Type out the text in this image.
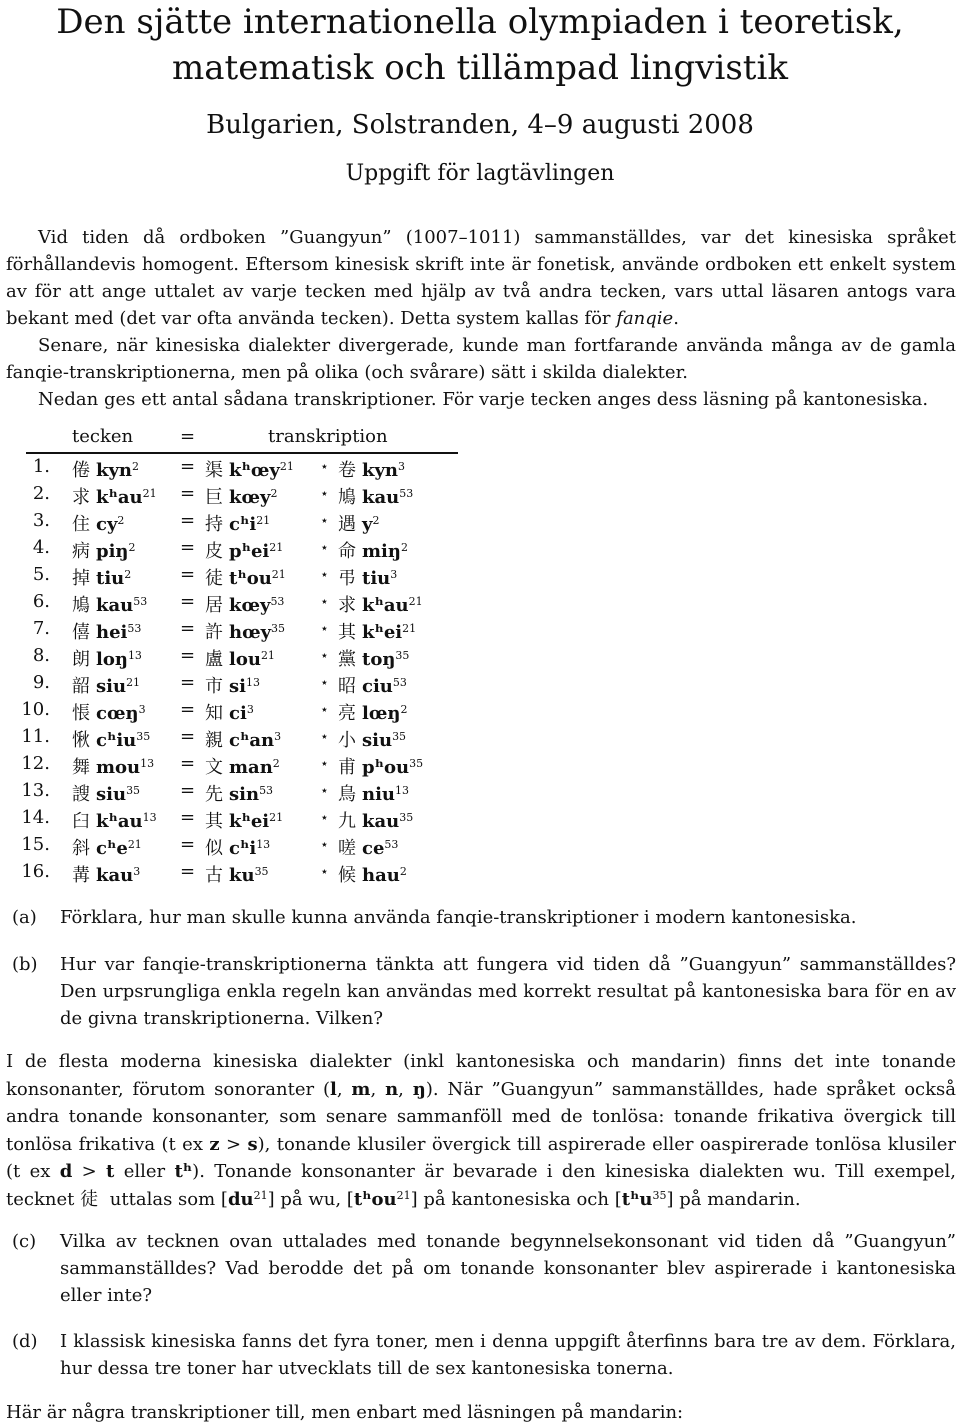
Den sjätte internationella olympiaden i teoretisk,
matematisk och tillämpad lingvistik
Bulgarien, Solstranden, 4–9 augusti 2008
Uppgift för lagtävlingen

Vid tiden då ordboken ”Guangyun” (1007–1011) sammanställdes, var det kinesiska språket förhållandevis homogent. Eftersom kinesisk skrift inte är fonetisk, använde ordboken ett enkelt system av för att ange uttalet av varje tecken med hjälp av två andra tecken, vars uttal läsaren antogs vara bekant med (det var ofta använda tecken). Detta system kallas för fanqie.

Senare, när kinesiska dialekter divergerade, kunde man fortfarande använda många av de gamla fanqie-transkriptionerna, men på olika (och svårare) sätt i skilda dialekter.

Nedan ges ett antal sådana transkriptioner. För varje tecken anges dess läsning på kantonesiska.

tecken	=	transkription
1. 倦 kyn$^2$ = 渠 kʰœy$^{21}$ ⋆ 卷 kyn$^3$
2. 求 kʰau$^{21}$ = 巨 kœy$^2$	⋆ 鳩 kau$^{53}$
3. 住 $cy^2$	= 持 cʰi$^{21}$	⋆ 遇 $y^2$
4. 病 piŋ$^2$ = 皮 pʰei$^{21}$	⋆ 命 miŋ$^2$
5. 掉 tiu$^2$	= 徒 tʰou$^{21}$ ⋆ 弔 tiu$^3$
6. 鳩 kau$^{53}$ = 居 kœy$^{53}$	⋆ 求 kʰau$^{21}$
7. 僖 hei$^{53}$ = 許 hœy$^{35}$ ⋆ 其 kʰei$^{21}$
8. 朗 loŋ$^{13}$ = 盧 lou$^{21}$	⋆ 黨 toŋ$^{35}$
9. 韶 siu$^{21}$ = 市 $si^{13}$	⋆ 昭 ciu$^{53}$
10. 悵 cœŋ$^3$ = 知 $ci^3$	⋆ 亮 lœŋ$^2$
11. 愀 cʰiu$^{35}$ = 親 cʰan$^3$	⋆ 小 siu$^{35}$
12. 舞 mou$^{13}$ = 文 man$^2$	⋆ 甫 pʰou$^{35}$
13. 謏 siu$^{35}$ = 先 $\sin^{53}$	⋆ 鳥 niu$^{13}$
14. 臼 kʰau$^{13}$ = 其 kʰei$^{21}$	⋆ 九 kau$^{35}$
15. 斜 cʰe$^{21}$ = 似 cʰi$^{13}$	⋆ 嗟 $ce^{53}$
16. 冓 kau$^3$ = 古 $ku^{35}$	⋆ 候 hau$^2$
(a) Förklara, hur man skulle kunna använda fanqie-transkriptioner i modern kantonesiska.
(b) Hur var fanqie-transkriptionerna tänkta att fungera vid tiden då ”Guangyun” sammanställdes? Den urpsrungliga enkla regeln kan användas med korrekt resultat på kantonesiska bara för en av de givna transkriptionerna. Vilken?
I de flesta moderna kinesiska dialekter (inkl kantonesiska och mandarin) finns det inte tonande konsonanter, förutom sonoranter (l, m, n, ŋ). När ”Guangyun” sammanställdes, hade språket också andra tonande konsonanter, som senare sammanföll med de tonlösa: tonande frikativa övergick till tonlösa frikativa (t ex z > s), tonande klusiler övergick till aspirerade eller oaspirerade tonlösa klusiler (t ex d > t eller tʰ). Tonande konsonanter är bevarade i den kinesiska dialekten wu. Till exempel, tecknet 徒 uttalas som $[du^{21}]$ på wu, [tʰou$^{21}$] på kantonesiska och [tʰu$^{35}$] på mandarin.
(c) Vilka av tecknen ovan uttalades med tonande begynnelsekonsonant vid tiden då ”Guangyun” sammanställdes? Vad berodde det på om tonande konsonanter blev aspirerade i kantonesiska eller inte?
(d) I klassisk kinesiska fanns det fyra toner, men i denna uppgift återfinns bara tre av dem. Förklara, hur dessa tre toner har utvecklats till de sex kantonesiska tonerna.
Här är några transkriptioner till, men enbart med läsningen på mandarin:
